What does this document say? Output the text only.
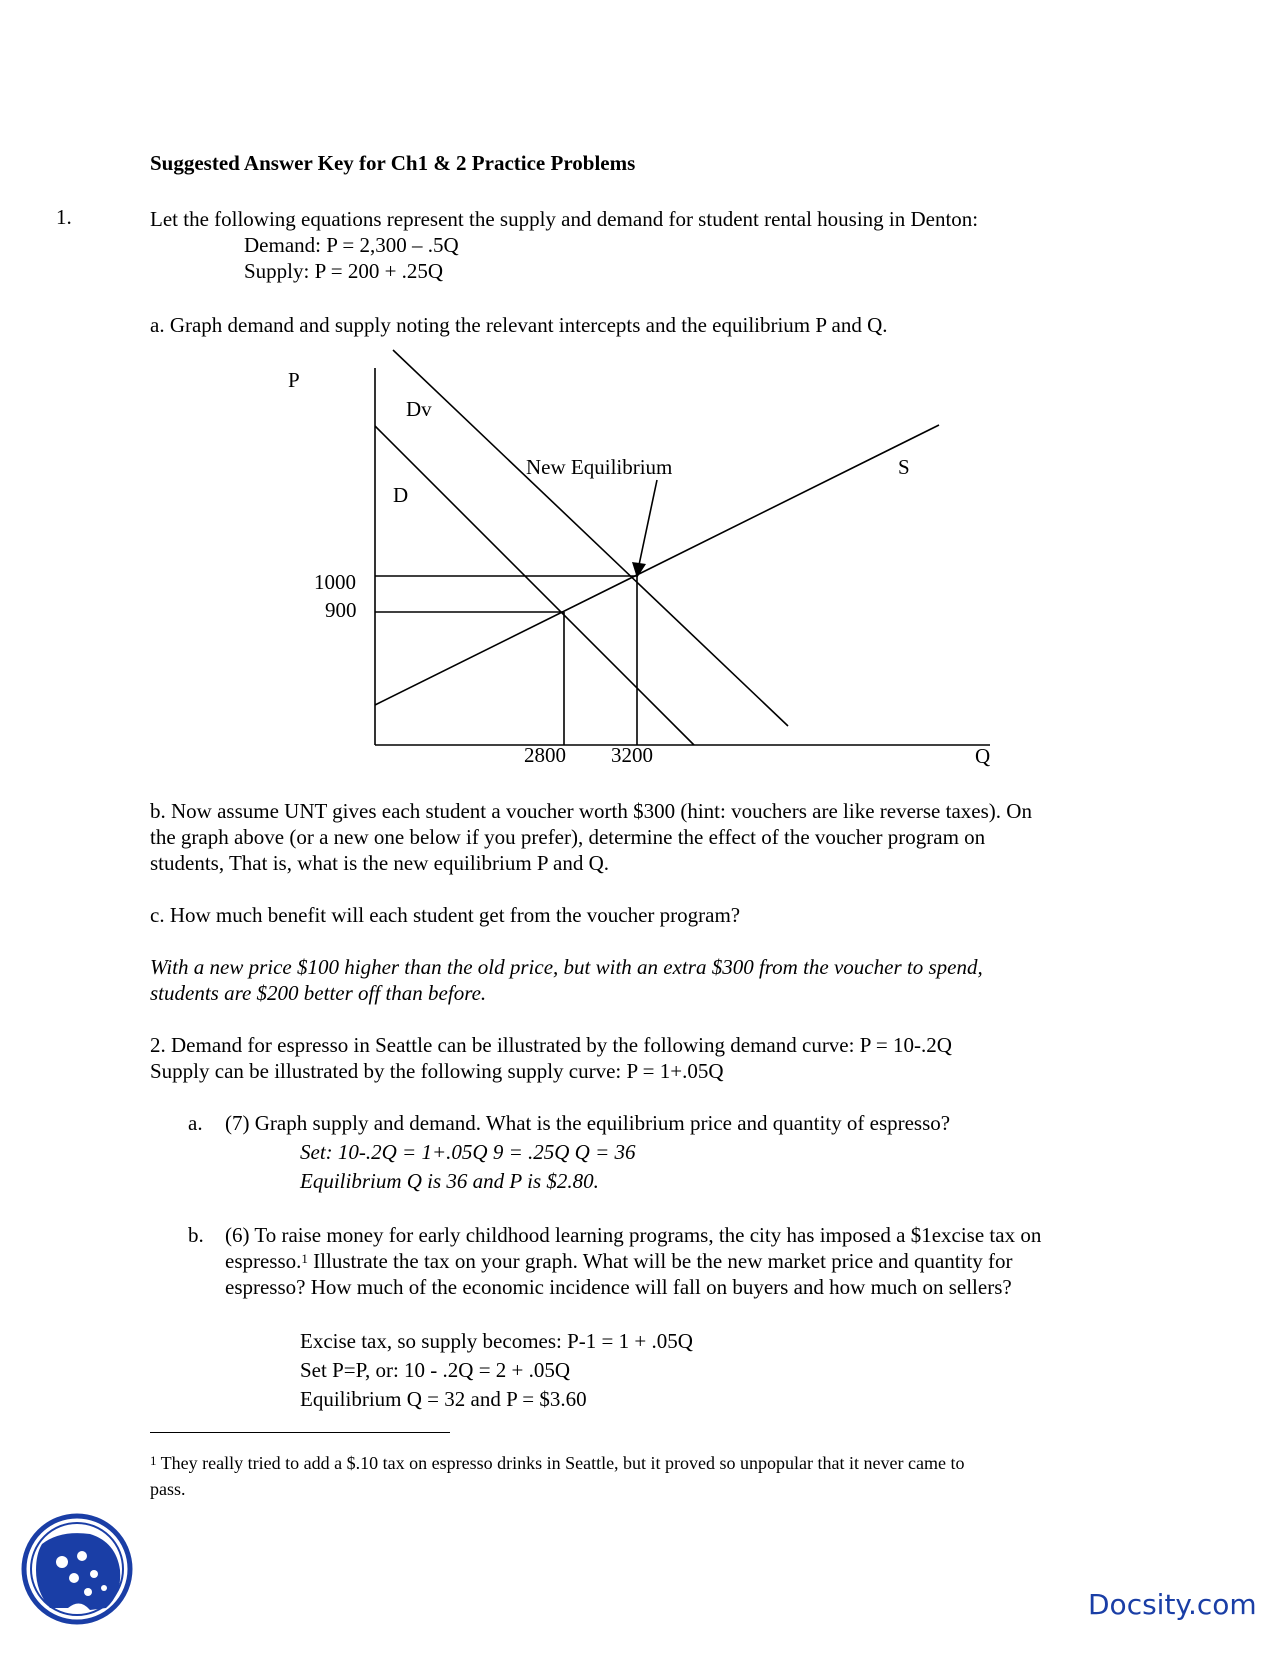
Suggested Answer Key for Ch1 & 2 Practice Problems
1.	Let the following equations represent the supply and demand for student rental housing in Denton:
Demand: P = 2,300 – .5Q
Supply: P = 200 + .25Q
a. Graph demand and supply noting the relevant intercepts and the equilibrium P and Q.
P
Q
Dv
D
S
New Equilibrium
1000
900
2800 3200
b. Now assume UNT gives each student a voucher worth $300 (hint: vouchers are like reverse taxes). On
the graph above (or a new one below if you prefer), determine the effect of the voucher program on
students, That is, what is the new equilibrium P and Q.
c. How much benefit will each student get from the voucher program?
With a new price $100 higher than the old price, but with an extra $300 from the voucher to spend,
students are $200 better off than before.
2. Demand for espresso in Seattle can be illustrated by the following demand curve: P = 10-.2Q
Supply can be illustrated by the following supply curve: P = 1+.05Q
a. (7) Graph supply and demand. What is the equilibrium price and quantity of espresso?
Set: 10-.2Q = 1+.05Q 9 = .25Q Q = 36
Equilibrium Q is 36 and P is $2.80.
b. (6) To raise money for early childhood learning programs, the city has imposed a $1excise tax on
espresso.$^1$ Illustrate the tax on your graph. What will be the new market price and quantity for
espresso? How much of the economic incidence will fall on buyers and how much on sellers?
Excise tax, so supply becomes: P-1 = 1 + .05Q
Set P=P, or: 10 - .2Q = 2 + .05Q
Equilibrium Q = 32 and P = $3.60
$^1$ They really tried to add a $.10 tax on espresso drinks in Seattle, but it proved so unpopular that it never came to
pass.
Docsity.com
